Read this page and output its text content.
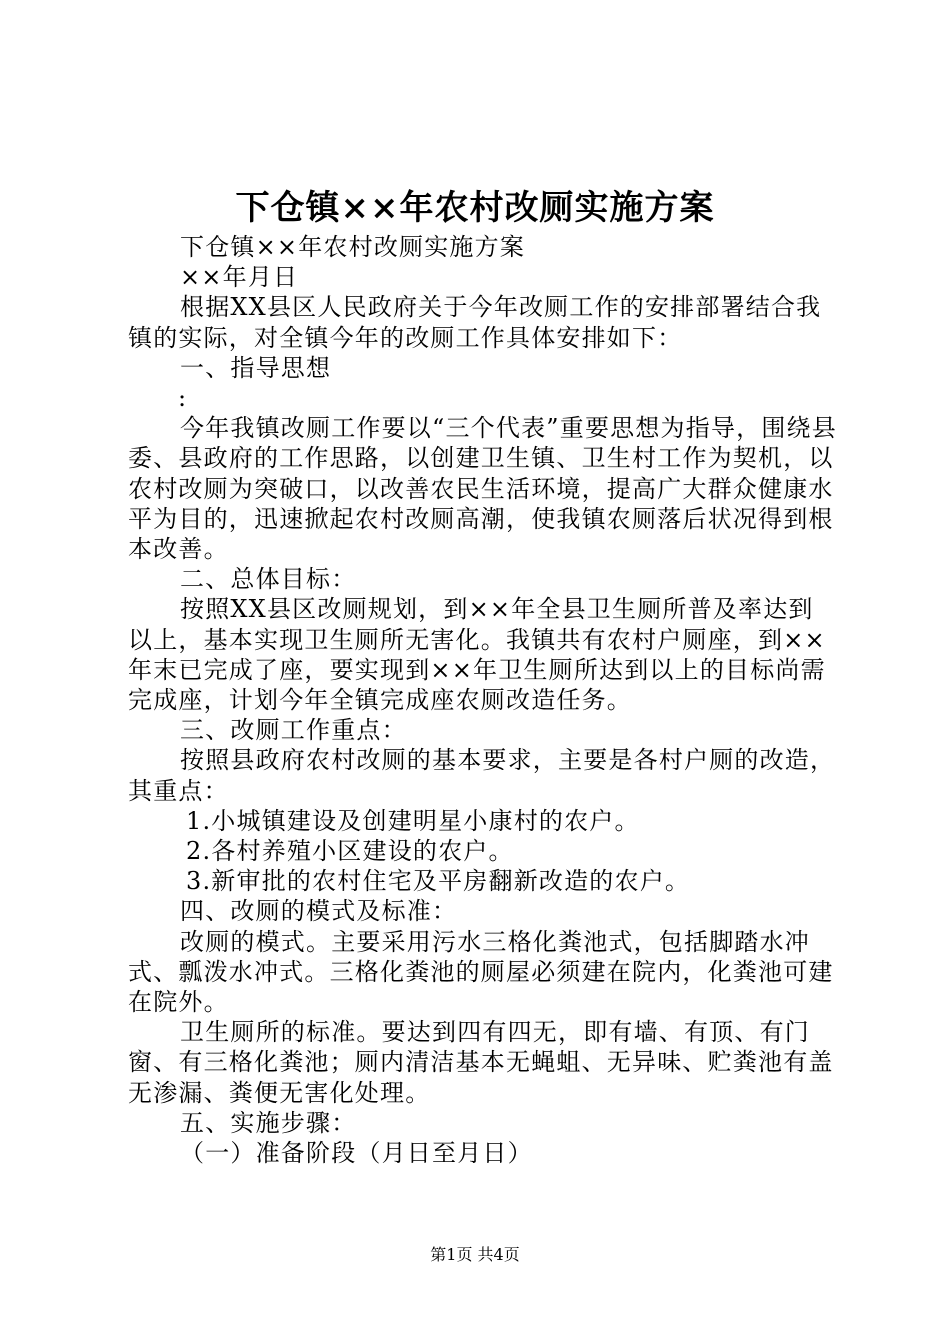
下仓镇××年农村改厕实施方案

下仓镇××年农村改厕实施方案

××年月日

根据XX县区人民政府关于今年改厕工作的安排部署结合我镇的实际，对全镇今年的改厕工作具体安排如下：

一、指导思想

:

今年我镇改厕工作要以“三个代表”重要思想为指导，围绕县委、县政府的工作思路，以创建卫生镇、卫生村工作为契机，以农村改厕为突破口，以改善农民生活环境，提高广大群众健康水平为目的，迅速掀起农村改厕高潮，使我镇农厕落后状况得到根本改善。

二、总体目标：

按照XX县区改厕规划，到××年全县卫生厕所普及率达到以上，基本实现卫生厕所无害化。我镇共有农村户厕座，到××年末已完成了座，要实现到××年卫生厕所达到以上的目标尚需完成座，计划今年全镇完成座农厕改造任务。

三、改厕工作重点：

按照县政府农村改厕的基本要求，主要是各村户厕的改造，其重点：

1.小城镇建设及创建明星小康村的农户。

2.各村养殖小区建设的农户。

3.新审批的农村住宅及平房翻新改造的农户。

四、改厕的模式及标准：

改厕的模式。主要采用污水三格化粪池式，包括脚踏水冲式、瓢泼水冲式。三格化粪池的厕屋必须建在院内，化粪池可建在院外。

卫生厕所的标准。要达到四有四无，即有墙、有顶、有门窗、有三格化粪池；厕内清洁基本无蝇蛆、无异味、贮粪池有盖无渗漏、粪便无害化处理。

五、实施步骤：

（一）准备阶段（月日至月日）

第1页 共4页
